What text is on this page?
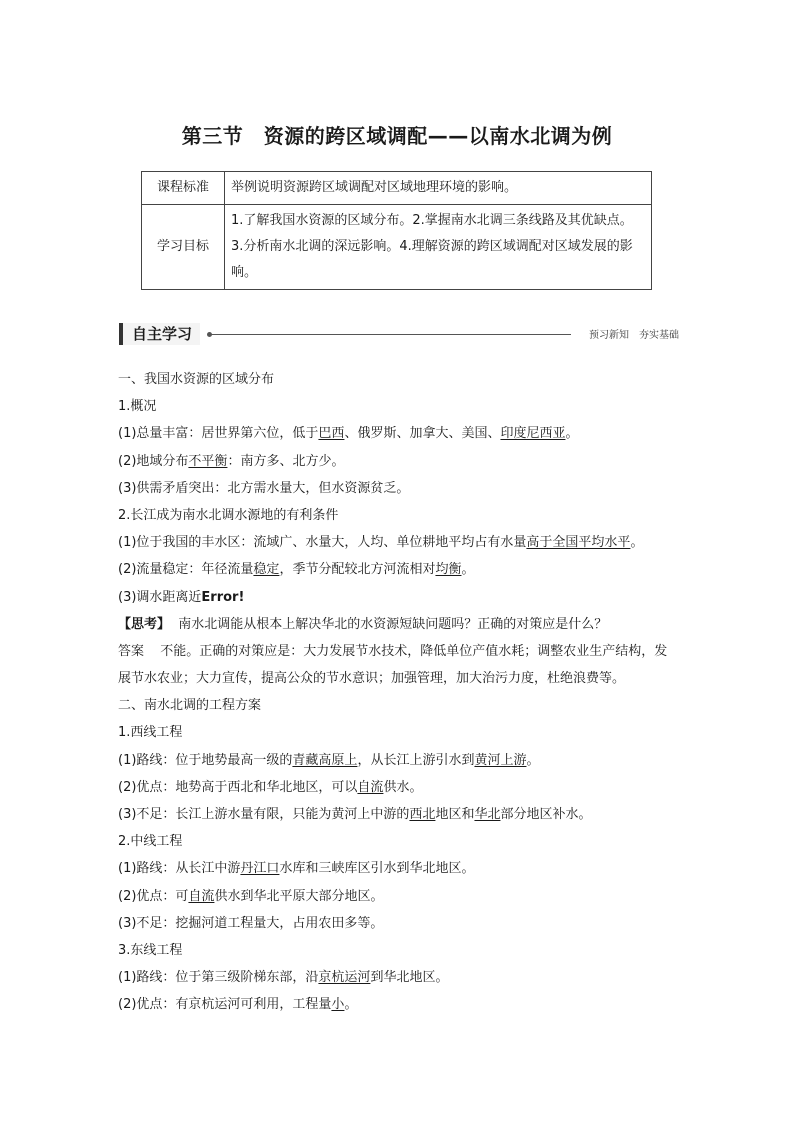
第三节　资源的跨区域调配——以南水北调为例
课程标准	举例说明资源跨区域调配对区域地理环境的影响。
学习目标	1.了解我国水资源的区域分布。2.掌握南水北调三条线路及其优缺点。3.分析南水北调的深远影响。4.理解资源的跨区域调配对区域发展的影响。
自主学习	预习新知　夯实基础
一、我国水资源的区域分布
1.概况
(1)总量丰富：居世界第六位，低于巴西、俄罗斯、加拿大、美国、印度尼西亚。
(2)地域分布不平衡：南方多、北方少。
(3)供需矛盾突出：北方需水量大，但水资源贫乏。
2.长江成为南水北调水源地的有利条件
(1)位于我国的丰水区：流域广、水量大，人均、单位耕地平均占有水量高于全国平均水平。
(2)流量稳定：年径流量稳定，季节分配较北方河流相对均衡。
(3)调水距离近Error!
【思考】 南水北调能从根本上解决华北的水资源短缺问题吗？正确的对策应是什么？
答案 不能。正确的对策应是：大力发展节水技术，降低单位产值水耗；调整农业生产结构，发展节水农业；大力宣传，提高公众的节水意识；加强管理，加大治污力度，杜绝浪费等。
二、南水北调的工程方案
1.西线工程
(1)路线：位于地势最高一级的青藏高原上，从长江上游引水到黄河上游。
(2)优点：地势高于西北和华北地区，可以自流供水。
(3)不足：长江上游水量有限，只能为黄河上中游的西北地区和华北部分地区补水。
2.中线工程
(1)路线：从长江中游丹江口水库和三峡库区引水到华北地区。
(2)优点：可自流供水到华北平原大部分地区。
(3)不足：挖掘河道工程量大，占用农田多等。
3.东线工程
(1)路线：位于第三级阶梯东部，沿京杭运河到华北地区。
(2)优点：有京杭运河可利用，工程量小。
